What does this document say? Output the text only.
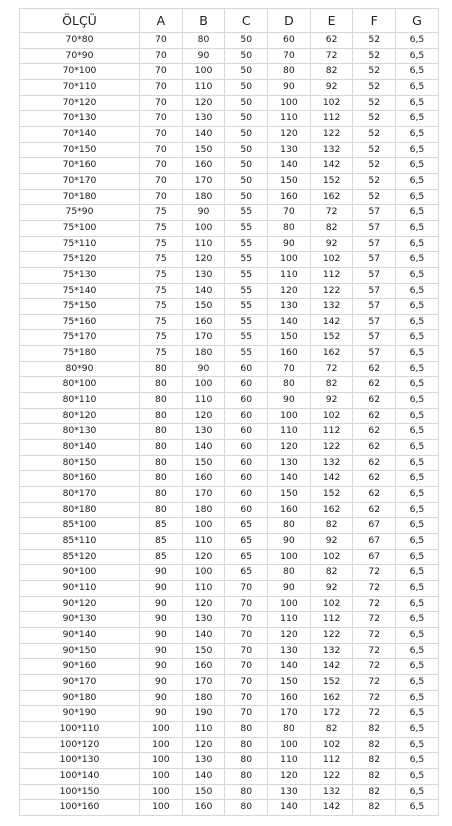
ÖLÇÜ	A	B	C	D	E	F	G
70*80	70	80	50	60	62	52	6,5
70*90	70	90	50	70	72	52	6,5
70*100	70	100	50	80	82	52	6,5
70*110	70	110	50	90	92	52	6,5
70*120	70	120	50	100	102	52	6,5
70*130	70	130	50	110	112	52	6,5
70*140	70	140	50	120	122	52	6,5
70*150	70	150	50	130	132	52	6,5
70*160	70	160	50	140	142	52	6,5
70*170	70	170	50	150	152	52	6,5
70*180	70	180	50	160	162	52	6,5
75*90	75	90	55	70	72	57	6,5
75*100	75	100	55	80	82	57	6,5
75*110	75	110	55	90	92	57	6,5
75*120	75	120	55	100	102	57	6,5
75*130	75	130	55	110	112	57	6,5
75*140	75	140	55	120	122	57	6,5
75*150	75	150	55	130	132	57	6,5
75*160	75	160	55	140	142	57	6,5
75*170	75	170	55	150	152	57	6,5
75*180	75	180	55	160	162	57	6,5
80*90	80	90	60	70	72	62	6,5
80*100	80	100	60	80	82	62	6,5
80*110	80	110	60	90	92	62	6,5
80*120	80	120	60	100	102	62	6,5
80*130	80	130	60	110	112	62	6,5
80*140	80	140	60	120	122	62	6,5
80*150	80	150	60	130	132	62	6,5
80*160	80	160	60	140	142	62	6,5
80*170	80	170	60	150	152	62	6,5
80*180	80	180	60	160	162	62	6,5
85*100	85	100	65	80	82	67	6,5
85*110	85	110	65	90	92	67	6,5
85*120	85	120	65	100	102	67	6,5
90*100	90	100	65	80	82	72	6,5
90*110	90	110	70	90	92	72	6,5
90*120	90	120	70	100	102	72	6,5
90*130	90	130	70	110	112	72	6,5
90*140	90	140	70	120	122	72	6,5
90*150	90	150	70	130	132	72	6,5
90*160	90	160	70	140	142	72	6,5
90*170	90	170	70	150	152	72	6,5
90*180	90	180	70	160	162	72	6,5
90*190	90	190	70	170	172	72	6,5
100*110	100	110	80	80	82	82	6,5
100*120	100	120	80	100	102	82	6,5
100*130	100	130	80	110	112	82	6,5
100*140	100	140	80	120	122	82	6,5
100*150	100	150	80	130	132	82	6,5
100*160	100	160	80	140	142	82	6,5
